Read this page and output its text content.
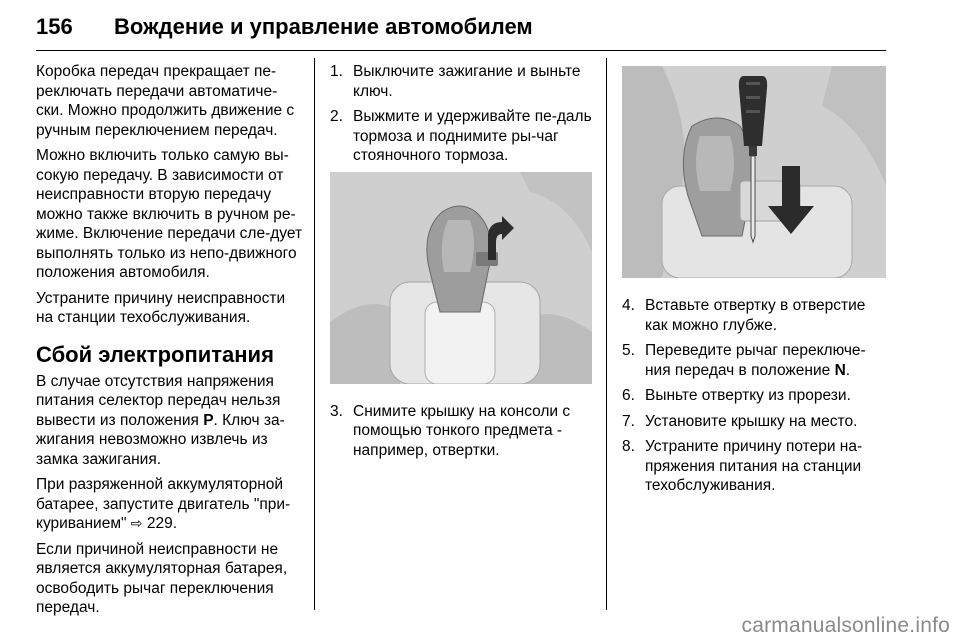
156 Вождение и управление автомобилем

Коробка передач прекращает пе-реключать передачи автоматиче-ски. Можно продолжить движение с ручным переключением передач.

Можно включить только самую вы-сокую передачу. В зависимости от неисправности вторую передачу можно также включить в ручном ре-жиме. Включение передачи сле-дует выполнять только из непо-движного положения автомобиля.

Устраните причину неисправности на станции техобслуживания.

Сбой электропитания

В случае отсутствия напряжения питания селектор передач нельзя вывести из положения P. Ключ за-жигания невозможно извлечь из замка зажигания.

При разряженной аккумуляторной батарее, запустите двигатель "при-куриванием" ⇨ 229.

Если причиной неисправности не является аккумуляторная батарея, освободить рычаг переключения передач.

1. Выключите зажигание и выньте ключ.
2. Выжмите и удерживайте пе-даль тормоза и поднимите ры-чаг стояночного тормоза.
3. Снимите крышку на консоли с помощью тонкого предмета - например, отвертки.
4. Вставьте отвертку в отверстие как можно глубже.
5. Переведите рычаг переключе-ния передач в положение N.
6. Выньте отвертку из прорези.
7. Установите крышку на место.
8. Устраните причину потери на-пряжения питания на станции техобслуживания.
carmanualsonline.info
